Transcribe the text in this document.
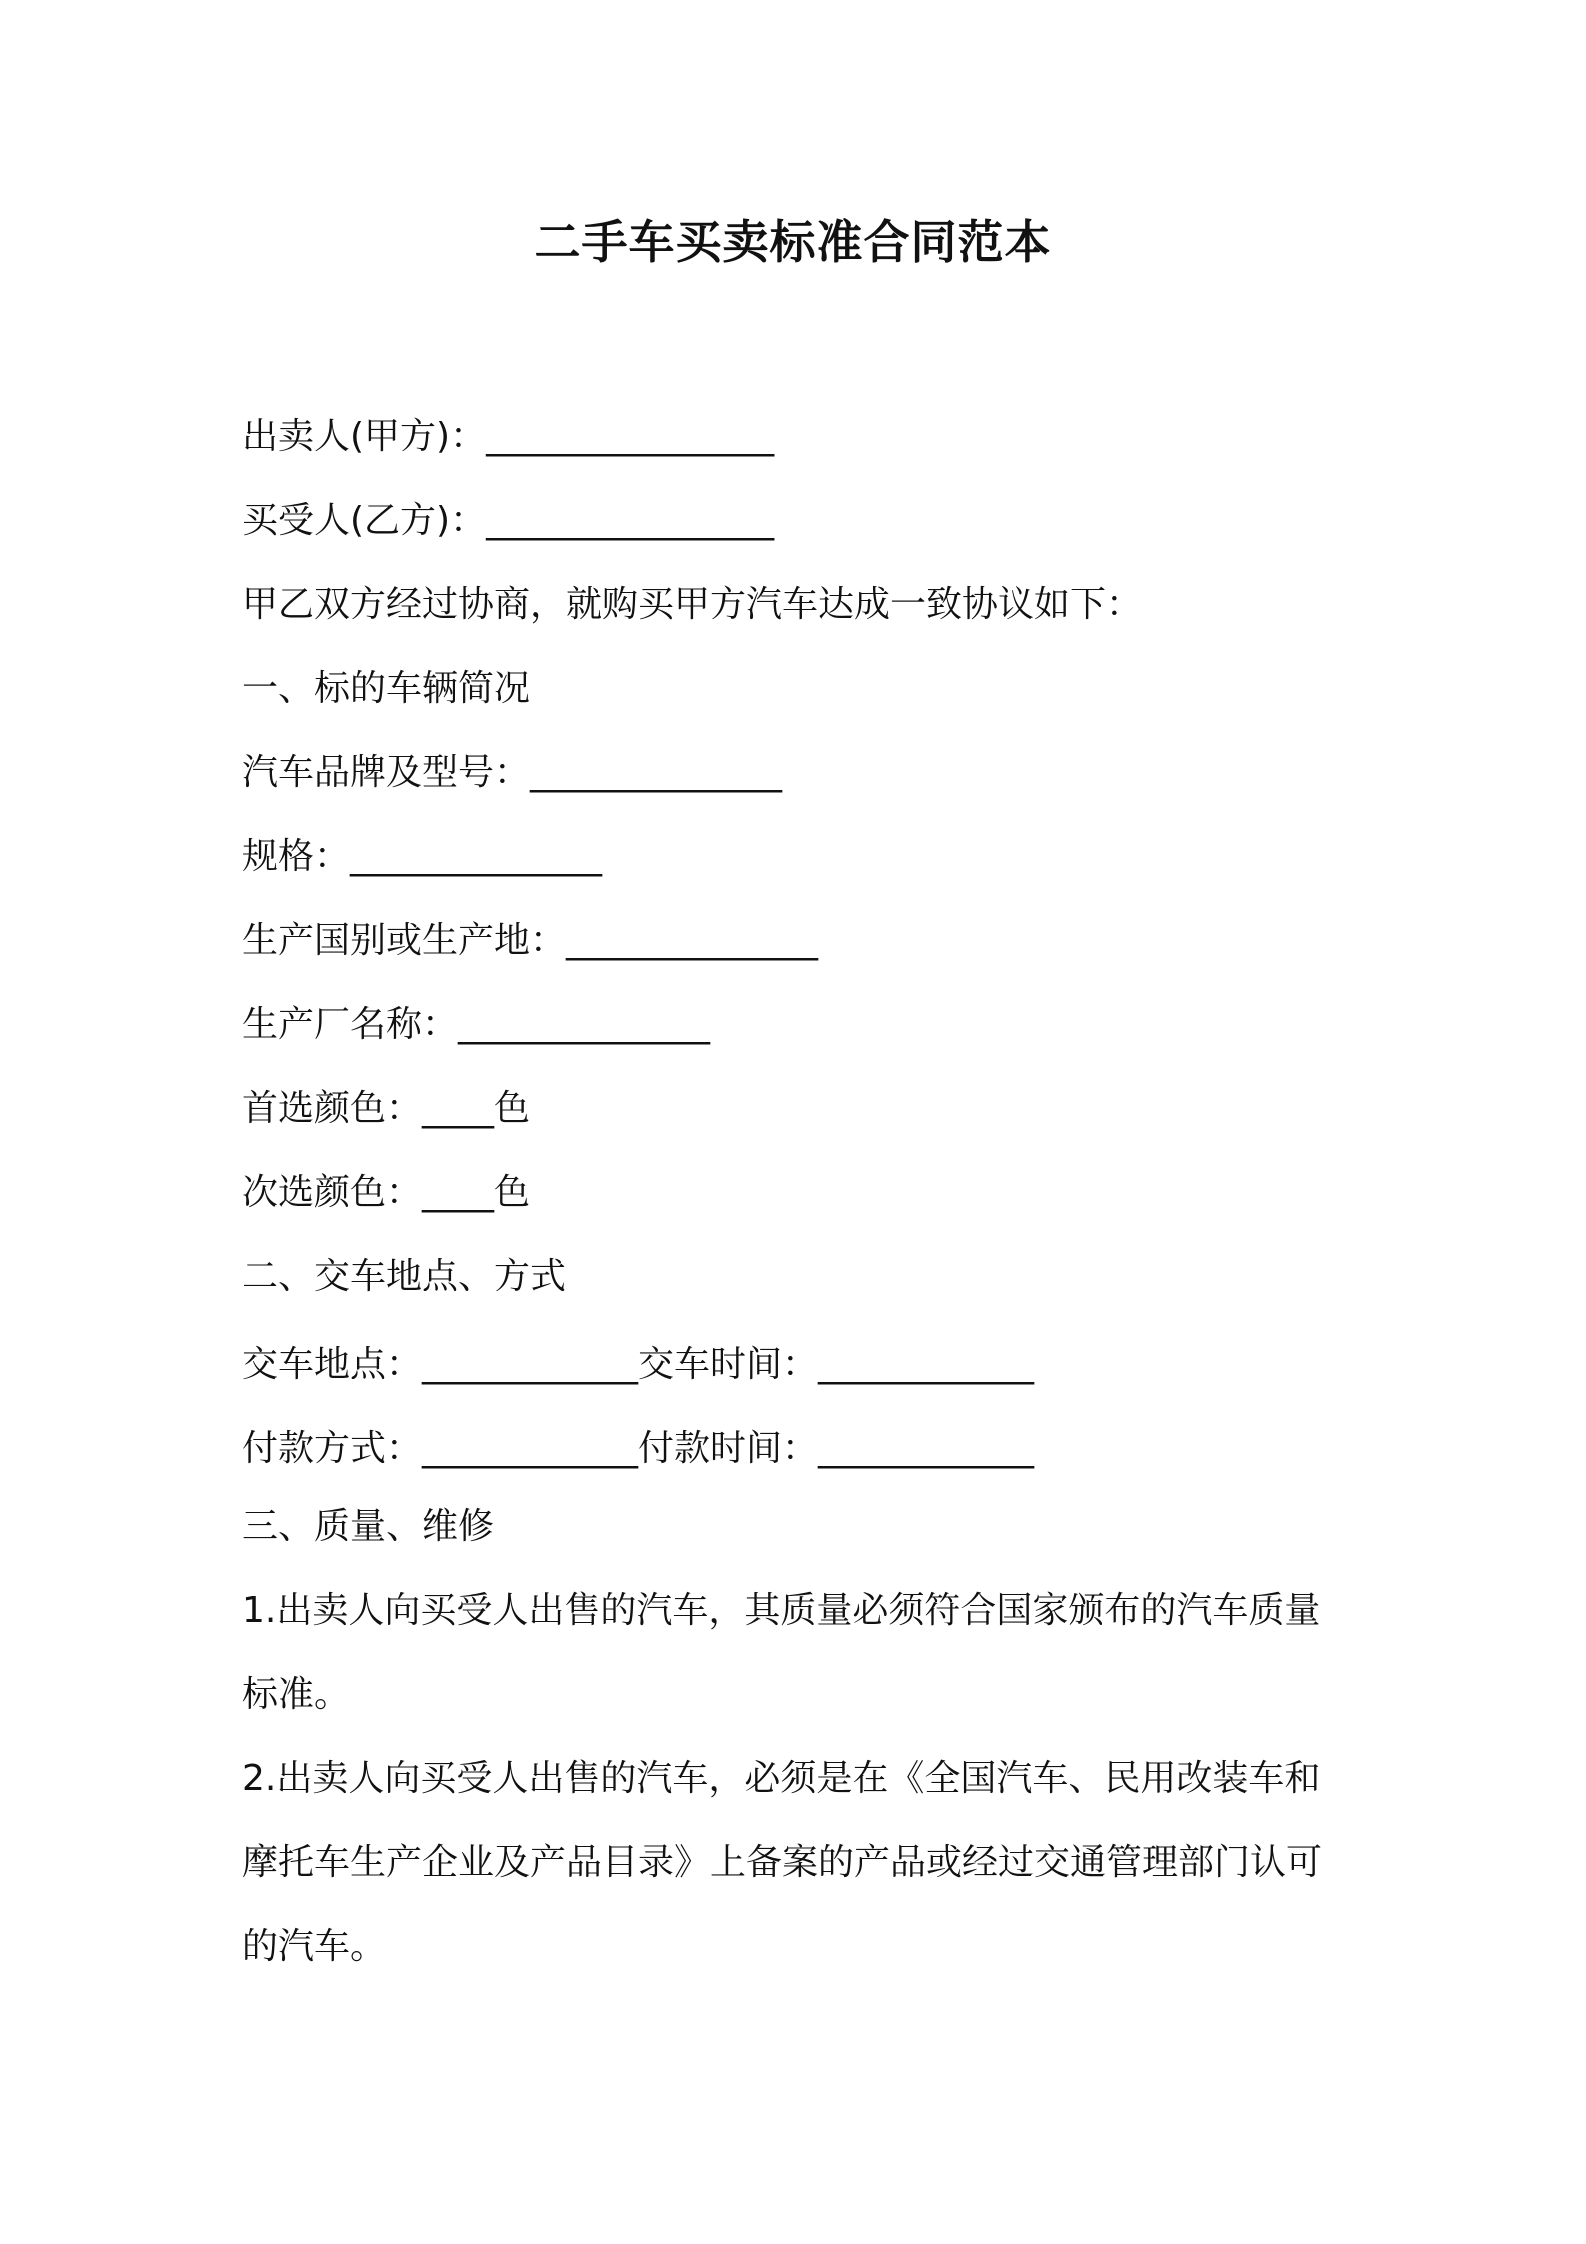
二手车买卖标准合同范本
出卖人(甲方)：________________
买受人(乙方)：________________
甲乙双方经过协商，就购买甲方汽车达成一致协议如下：
一、标的车辆简况
汽车品牌及型号：______________
规格：______________
生产国别或生产地：______________
生产厂名称：______________
首选颜色：____色
次选颜色：____色
二、交车地点、方式
交车地点：____________交车时间：____________
付款方式：____________付款时间：____________
三、质量、维修
1.出卖人向买受人出售的汽车，其质量必须符合国家颁布的汽车质量
标准。
2.出卖人向买受人出售的汽车，必须是在《全国汽车、民用改装车和
摩托车生产企业及产品目录》上备案的产品或经过交通管理部门认可
的汽车。
